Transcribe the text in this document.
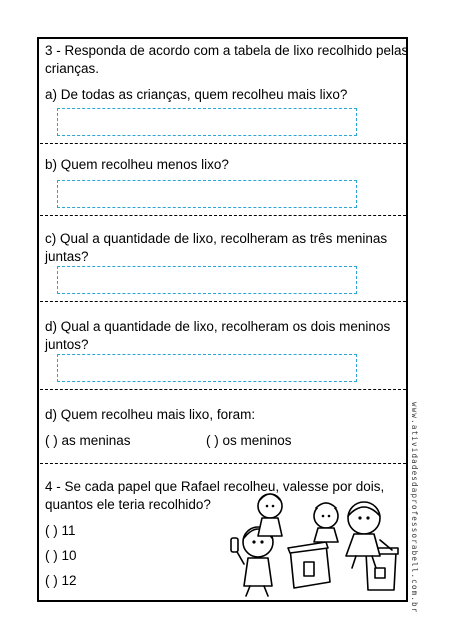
3 - Responda de acordo com a tabela de lixo recolhido pelas
crianças.
a) De todas as crianças, quem recolheu mais lixo?
b) Quem recolheu menos lixo?
c) Qual a quantidade de lixo, recolheram as três meninas
juntas?
d) Qual a quantidade de lixo, recolheram os dois meninos
juntos?
d) Quem recolheu mais lixo, foram:
( ) as meninas	( ) os meninos
4 - Se cada papel que Rafael recolheu, valesse por dois,
quantos ele teria recolhido?
( ) 11
( ) 10
( ) 12	www.atividadesdaprofessorabell.com.br
